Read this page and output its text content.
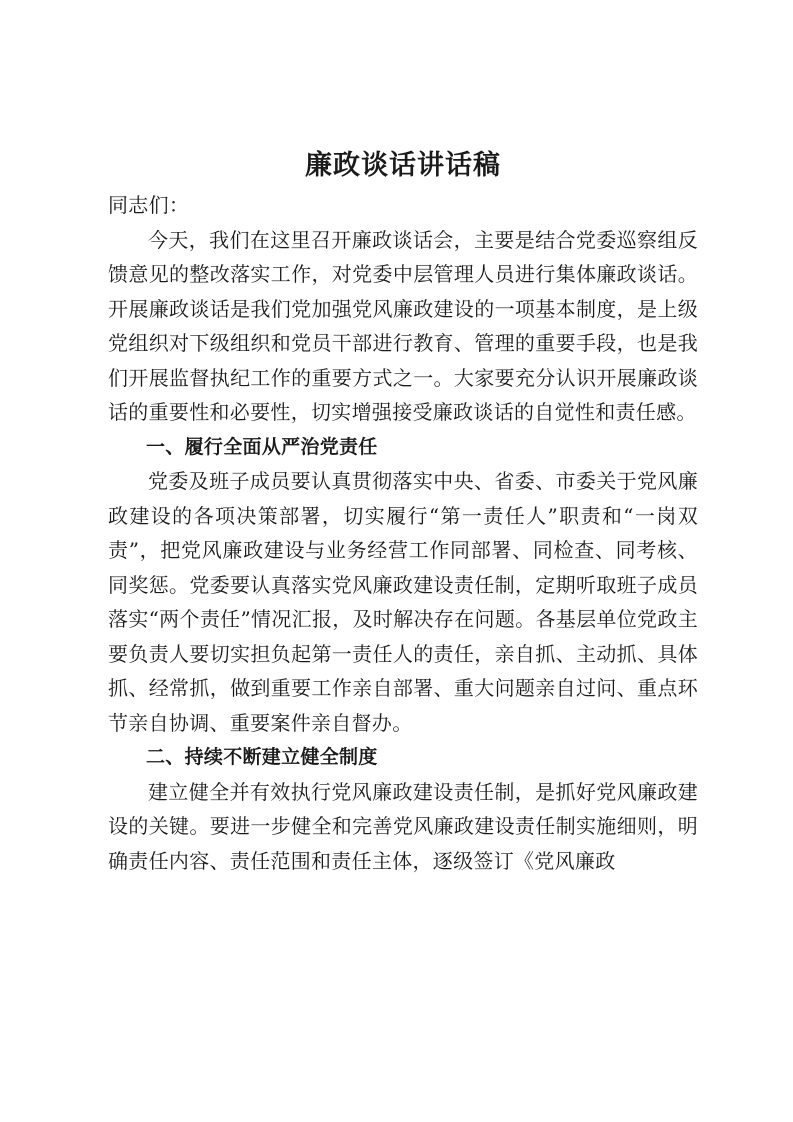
廉政谈话讲话稿

同志们：

今天，我们在这里召开廉政谈话会，主要是结合党委巡察组反馈意见的整改落实工作，对党委中层管理人员进行集体廉政谈话。开展廉政谈话是我们党加强党风廉政建设的一项基本制度，是上级党组织对下级组织和党员干部进行教育、管理的重要手段，也是我们开展监督执纪工作的重要方式之一。大家要充分认识开展廉政谈话的重要性和必要性，切实增强接受廉政谈话的自觉性和责任感。

一、履行全面从严治党责任

党委及班子成员要认真贯彻落实中央、省委、市委关于党风廉政建设的各项决策部署，切实履行“第一责任人”职责和“一岗双责”，把党风廉政建设与业务经营工作同部署、同检查、同考核、同奖惩。党委要认真落实党风廉政建设责任制，定期听取班子成员落实“两个责任”情况汇报，及时解决存在问题。各基层单位党政主要负责人要切实担负起第一责任人的责任，亲自抓、主动抓、具体抓、经常抓，做到重要工作亲自部署、重大问题亲自过问、重点环节亲自协调、重要案件亲自督办。

二、持续不断建立健全制度

建立健全并有效执行党风廉政建设责任制，是抓好党风廉政建设的关键。要进一步健全和完善党风廉政建设责任制实施细则，明确责任内容、责任范围和责任主体，逐级签订《党风廉政
